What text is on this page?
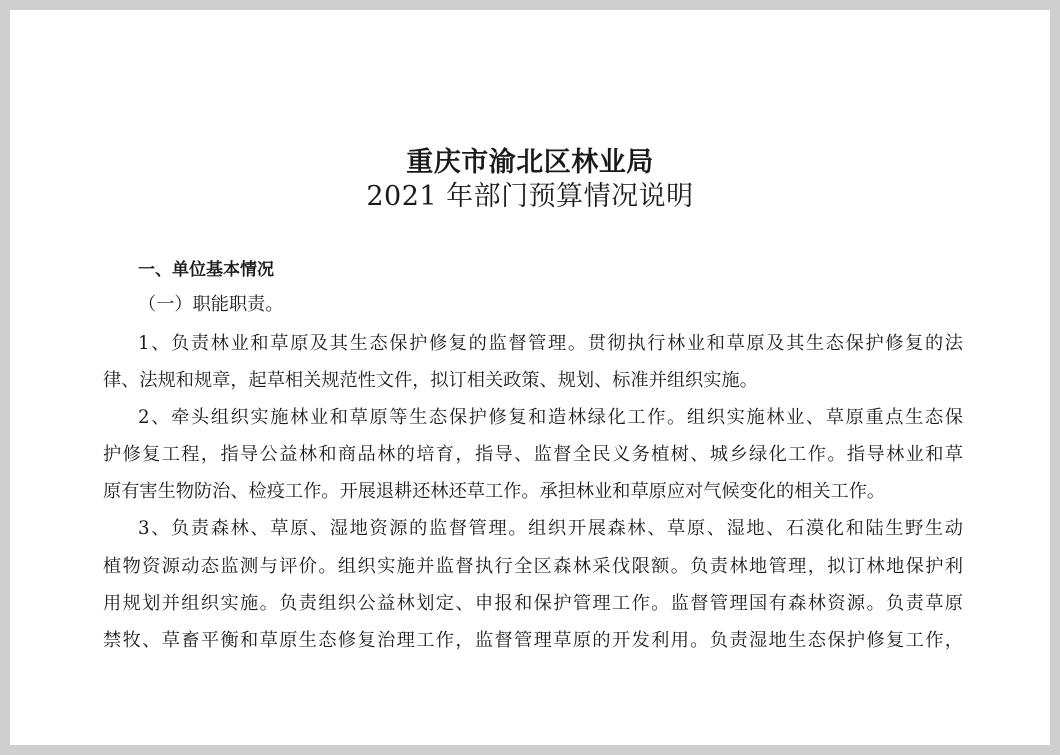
重庆市渝北区林业局
2021 年部门预算情况说明
一、单位基本情况
（一）职能职责。
1、负责林业和草原及其生态保护修复的监督管理。贯彻执行林业和草原及其生态保护修复的法
律、法规和规章，起草相关规范性文件，拟订相关政策、规划、标准并组织实施。
2、牵头组织实施林业和草原等生态保护修复和造林绿化工作。组织实施林业、草原重点生态保
护修复工程，指导公益林和商品林的培育，指导、监督全民义务植树、城乡绿化工作。指导林业和草
原有害生物防治、检疫工作。开展退耕还林还草工作。承担林业和草原应对气候变化的相关工作。
3、负责森林、草原、湿地资源的监督管理。组织开展森林、草原、湿地、石漠化和陆生野生动
植物资源动态监测与评价。组织实施并监督执行全区森林采伐限额。负责林地管理，拟订林地保护利
用规划并组织实施。负责组织公益林划定、申报和保护管理工作。监督管理国有森林资源。负责草原
禁牧、草畜平衡和草原生态修复治理工作，监督管理草原的开发利用。负责湿地生态保护修复工作，
